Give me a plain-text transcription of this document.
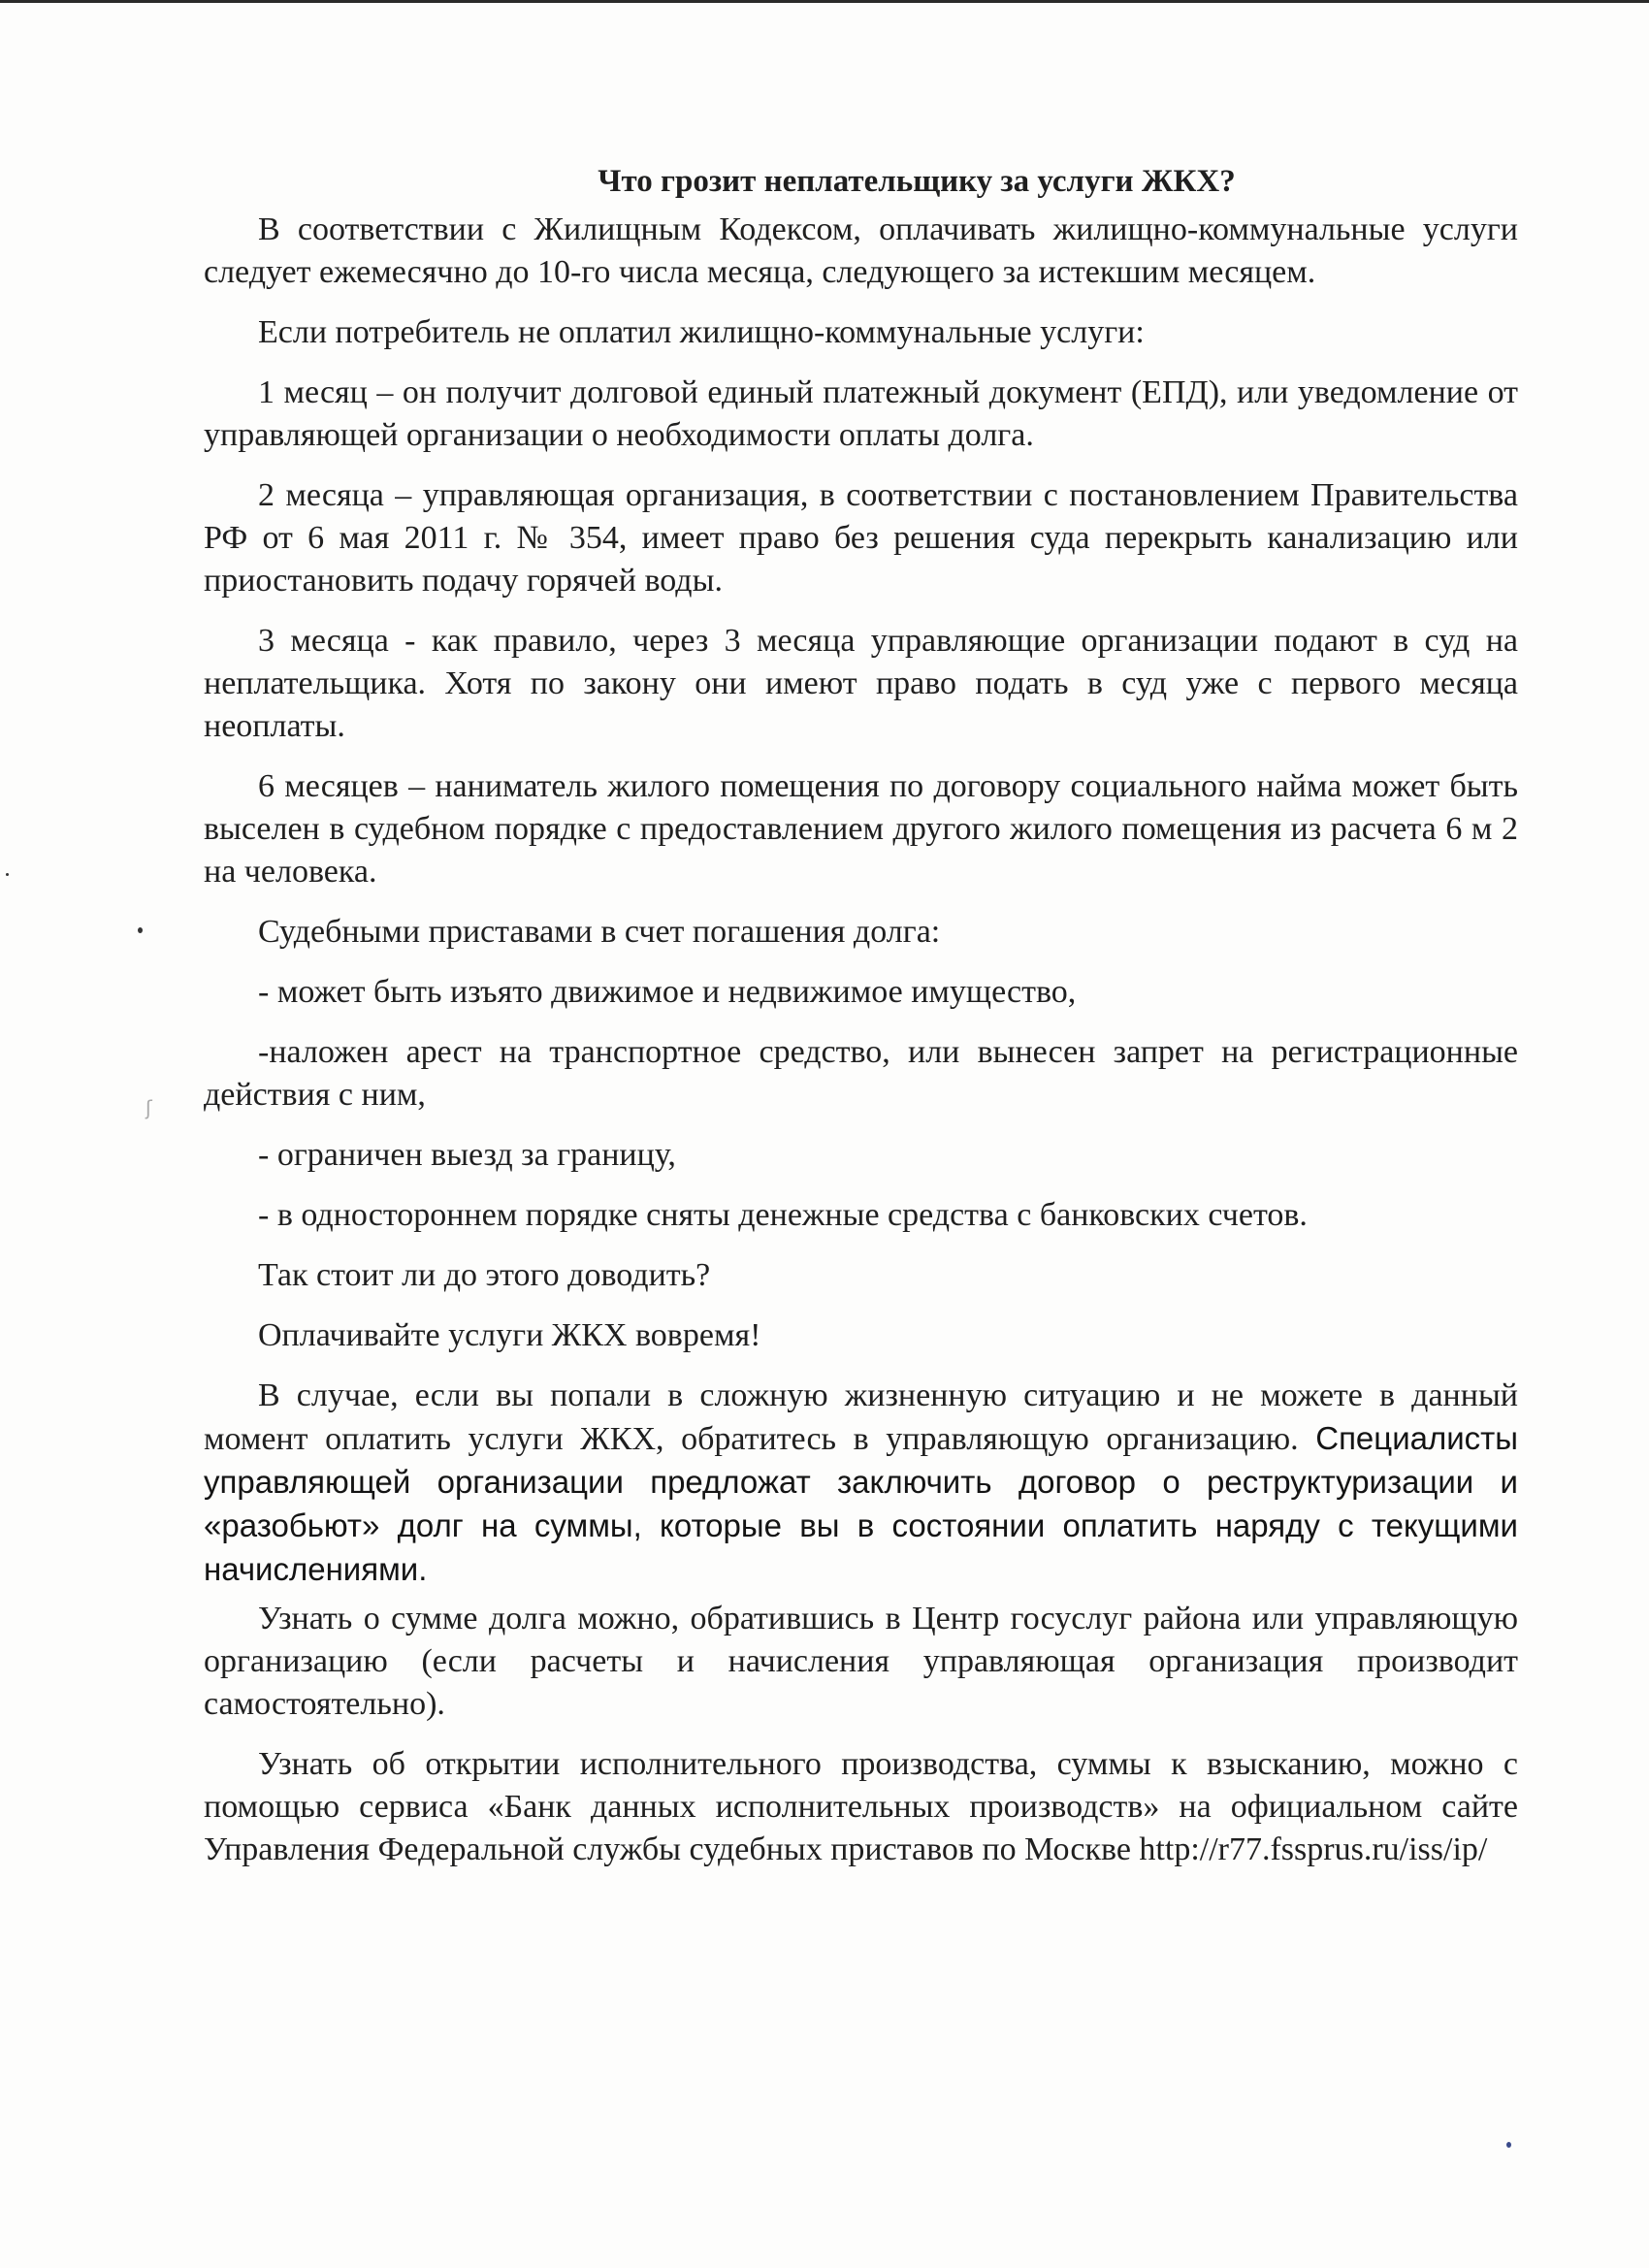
ʃ
Что грозит неплательщику за услуги ЖКХ?
В соответствии с Жилищным Кодексом, оплачивать жилищно-коммунальные услуги следует ежемесячно до 10-го числа месяца, следующего за истекшим месяцем.
Если потребитель не оплатил жилищно-коммунальные услуги:
1 месяц – он получит долговой единый платежный документ (ЕПД), или уведомление от управляющей организации о необходимости оплаты долга.
2 месяца – управляющая организация, в соответствии с постановлением Правительства РФ от 6 мая 2011 г. № 354, имеет право без решения суда перекрыть канализацию или приостановить подачу горячей воды.
3 месяца - как правило, через 3 месяца управляющие организации подают в суд на неплательщика. Хотя по закону они имеют право подать в суд уже с первого месяца неоплаты.
6 месяцев – наниматель жилого помещения по договору социального найма может быть выселен в судебном порядке с предоставлением другого жилого помещения из расчета 6 м 2 на человека.
Судебными приставами в счет погашения долга:
- может быть изъято движимое и недвижимое имущество,
-наложен арест на транспортное средство, или вынесен запрет на регистрационные действия с ним,
- ограничен выезд за границу,
- в одностороннем порядке сняты денежные средства с банковских счетов.
Так стоит ли до этого доводить?
Оплачивайте услуги ЖКХ вовремя!
В случае, если вы попали в сложную жизненную ситуацию и не можете в данный момент оплатить услуги ЖКХ, обратитесь в управляющую организацию. Специалисты управляющей организации предложат заключить договор о реструктуризации и «разобьют» долг на суммы, которые вы в состоянии оплатить наряду с текущими начислениями.
Узнать о сумме долга можно, обратившись в Центр госуслуг района или управляющую организацию (если расчеты и начисления управляющая организация производит самостоятельно).
Узнать об открытии исполнительного производства, суммы к взысканию, можно с помощью сервиса «Банк данных исполнительных производств» на официальном сайте Управления Федеральной службы судебных приставов по Москве http://r77.fssprus.ru/iss/ip/
